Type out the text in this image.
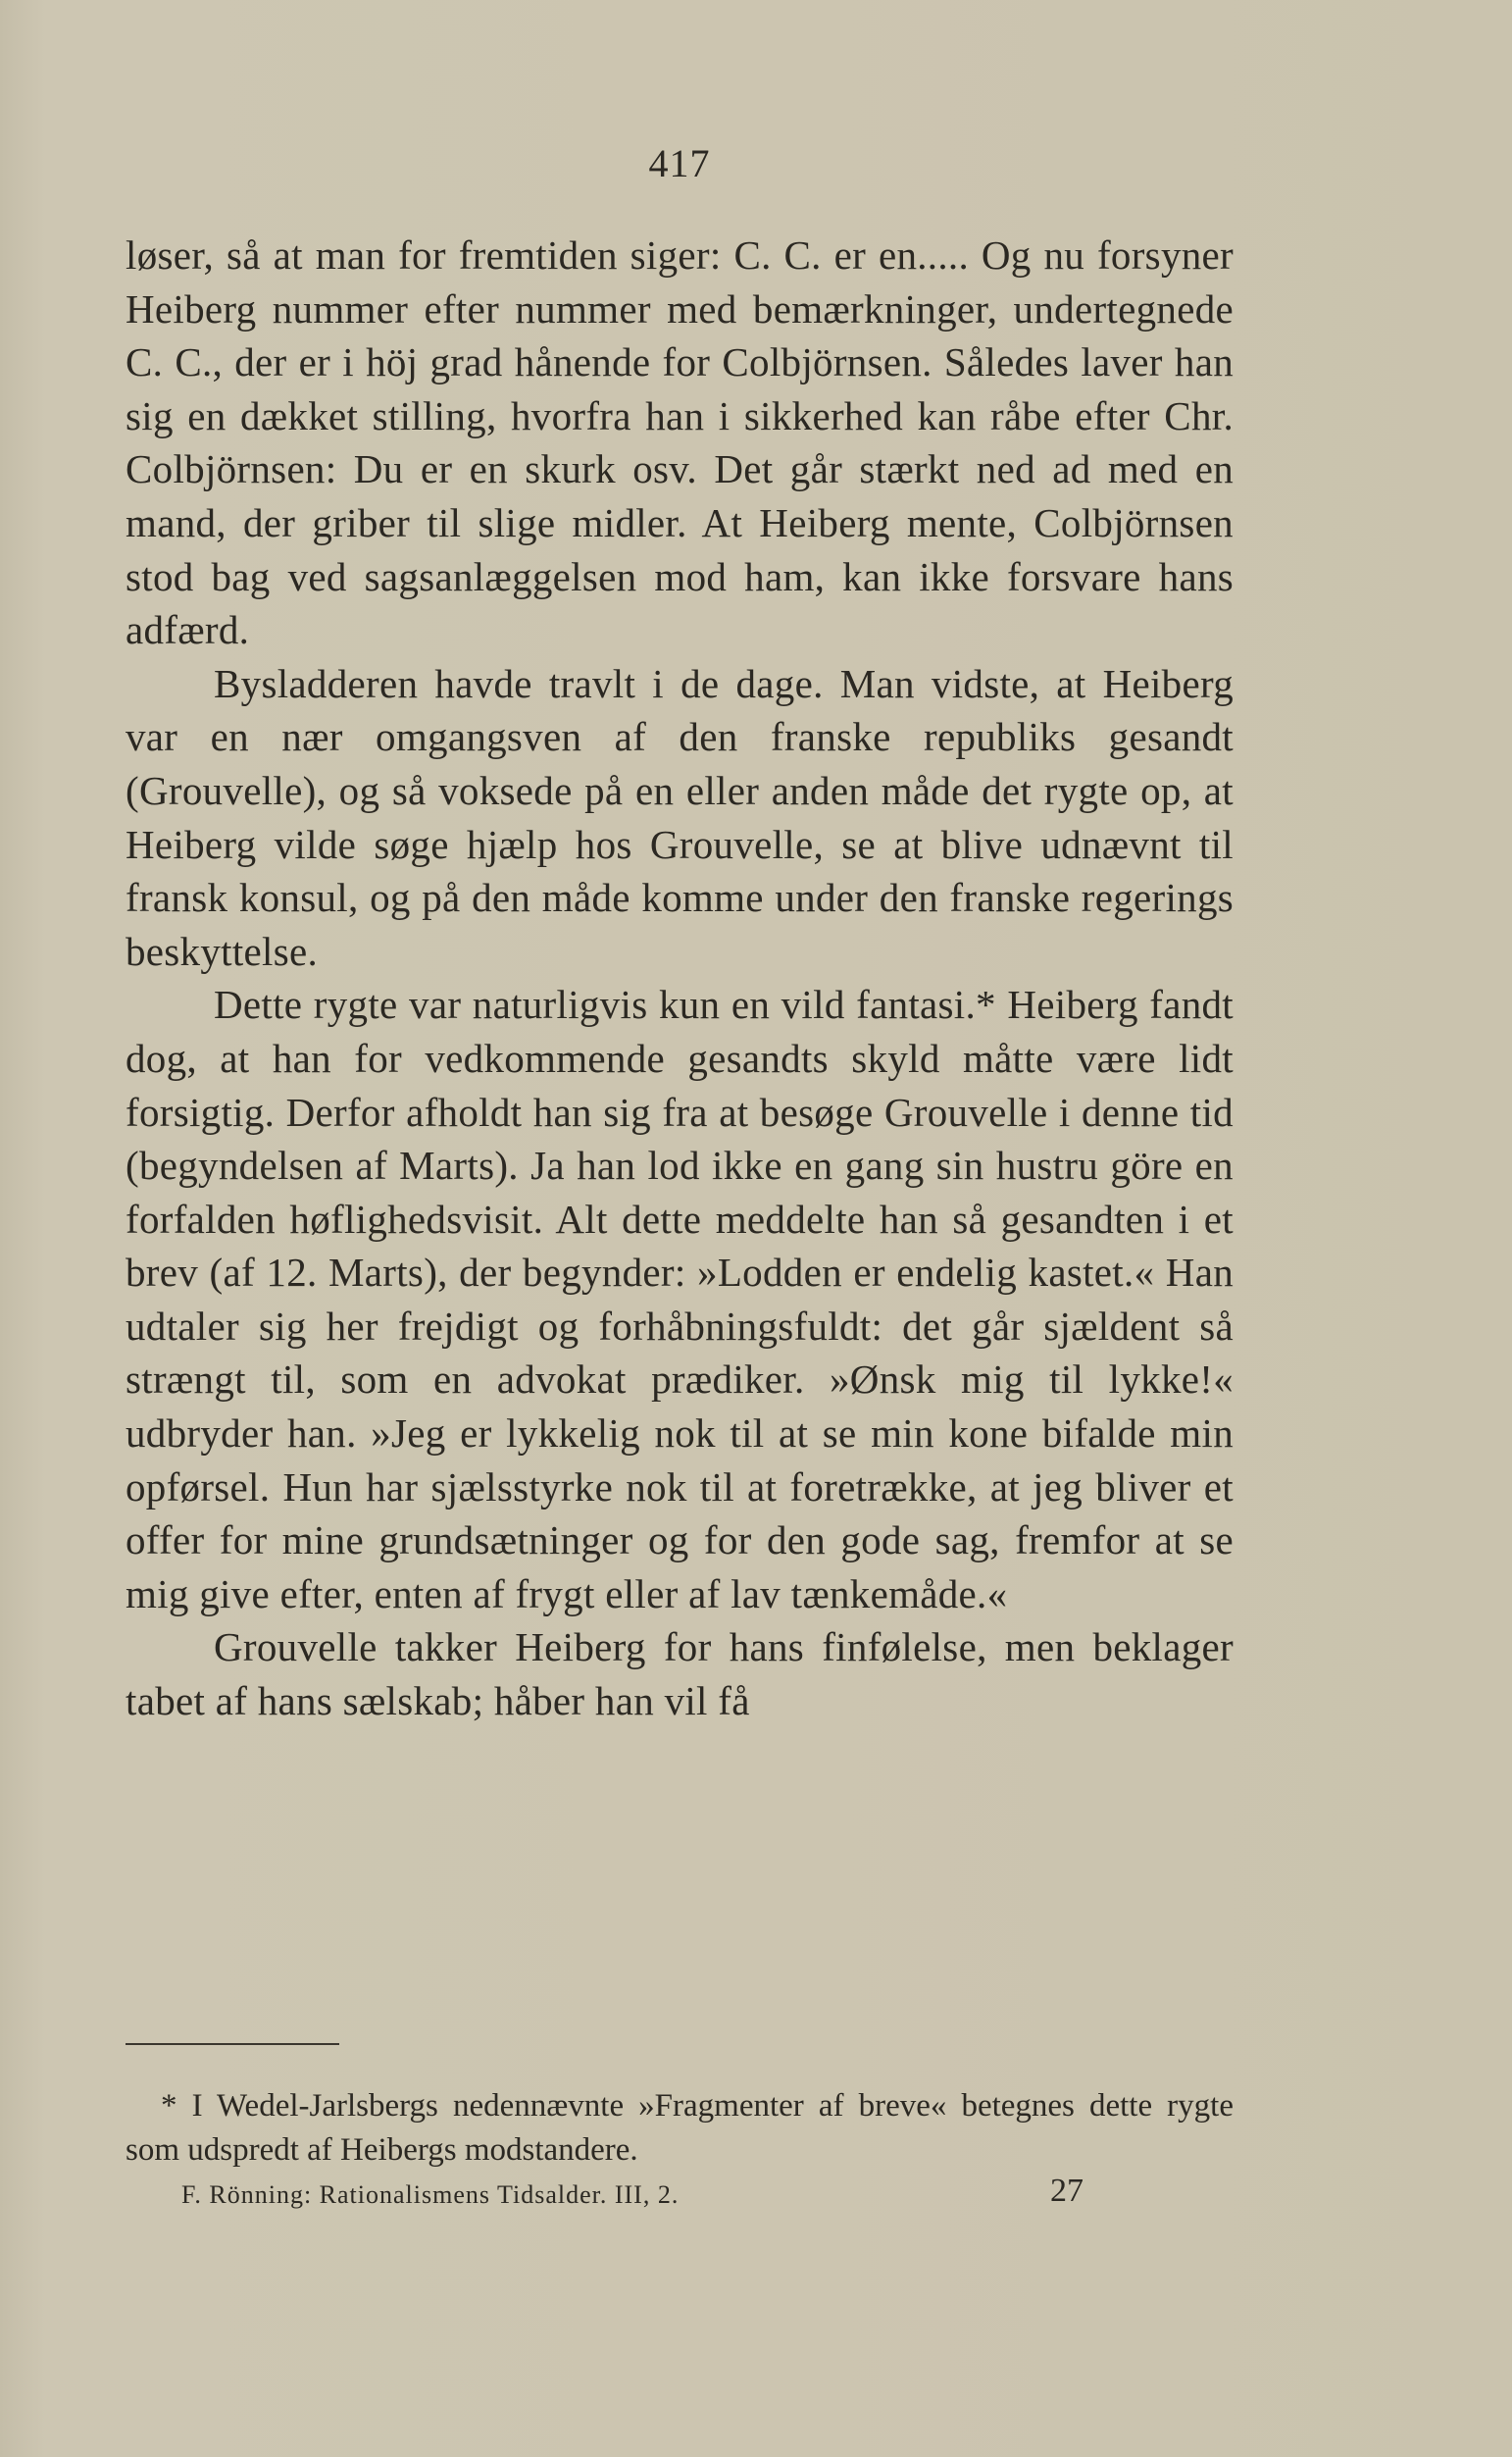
417

løser, så at man for fremtiden siger: C. C. er en..... Og nu forsyner Heiberg nummer efter nummer med bemærkninger, undertegnede C. C., der er i höj grad hånende for Colbjörnsen. Således laver han sig en dækket stilling, hvorfra han i sikkerhed kan råbe efter Chr. Colbjörnsen: Du er en skurk osv. Det går stærkt ned ad med en mand, der griber til slige midler. At Heiberg mente, Colbjörnsen stod bag ved sagsanlæggelsen mod ham, kan ikke forsvare hans adfærd.

Bysladderen havde travlt i de dage. Man vidste, at Heiberg var en nær omgangsven af den franske republiks gesandt (Grouvelle), og så voksede på en eller anden måde det rygte op, at Heiberg vilde søge hjælp hos Grouvelle, se at blive udnævnt til fransk konsul, og på den måde komme under den franske regerings beskyttelse.

Dette rygte var naturligvis kun en vild fantasi.* Heiberg fandt dog, at han for vedkommende gesandts skyld måtte være lidt forsigtig. Derfor afholdt han sig fra at besøge Grouvelle i denne tid (begyndelsen af Marts). Ja han lod ikke en gang sin hustru göre en forfalden høflighedsvisit. Alt dette meddelte han så gesandten i et brev (af 12. Marts), der begynder: »Lodden er endelig kastet.« Han udtaler sig her frejdigt og forhåbningsfuldt: det går sjældent så strængt til, som en advokat prædiker. »Ønsk mig til lykke!« udbryder han. »Jeg er lykkelig nok til at se min kone bifalde min opførsel. Hun har sjælsstyrke nok til at foretrække, at jeg bliver et offer for mine grundsætninger og for den gode sag, fremfor at se mig give efter, enten af frygt eller af lav tænkemåde.«

Grouvelle takker Heiberg for hans finfølelse, men beklager tabet af hans sælskab; håber han vil få

* I Wedel-Jarlsbergs nedennævnte »Fragmenter af breve« betegnes dette rygte som udspredt af Heibergs modstandere.

F. Rönning: Rationalismens Tidsalder. III, 2.	27
